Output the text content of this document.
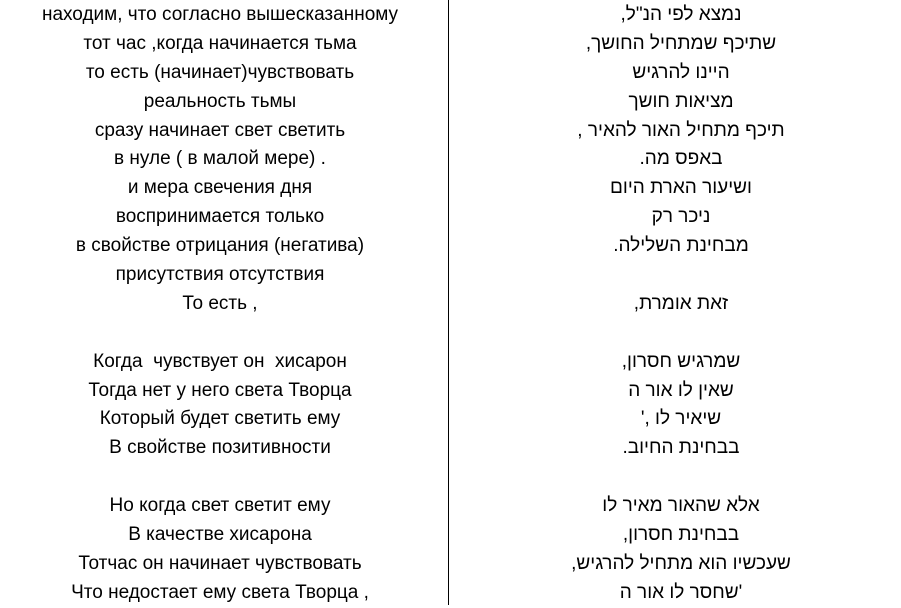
находим, что согласно вышесказанному
тот час ,когда начинается тьма
то есть (начинает)чувствовать
реальность тьмы
сразу начинает свет светить
в нуле ( в малой мере) .
и мера свечения дня
воспринимается только
в свойстве отрицания (негатива)
присутствия отсутствия
То есть ,
Когда  чувствует он  хисарон
Тогда нет у него света Творца
Который будет светить ему
В свойстве позитивности
Но когда свет светит ему
В качестве хисарона
Тотчас он начинает чувствовать
Что недостает ему света Творца ,
נמצא לפי הנ"ל,
שתיכף שמתחיל החושך,
היינו להרגיש
מציאות חושך
תיכף מתחיל האור להאיר ,
באפס מה.
ושיעור הארת היום
ניכר רק
מבחינת השלילה.
זאת אומרת,
שמרגיש חסרון,
שאין לו אור ה
שיאיר לו ,'
בבחינת החיוב.
אלא שהאור מאיר לו
בבחינת חסרון,
שעכשיו הוא מתחיל להרגיש,
'שחסר לו אור ה
